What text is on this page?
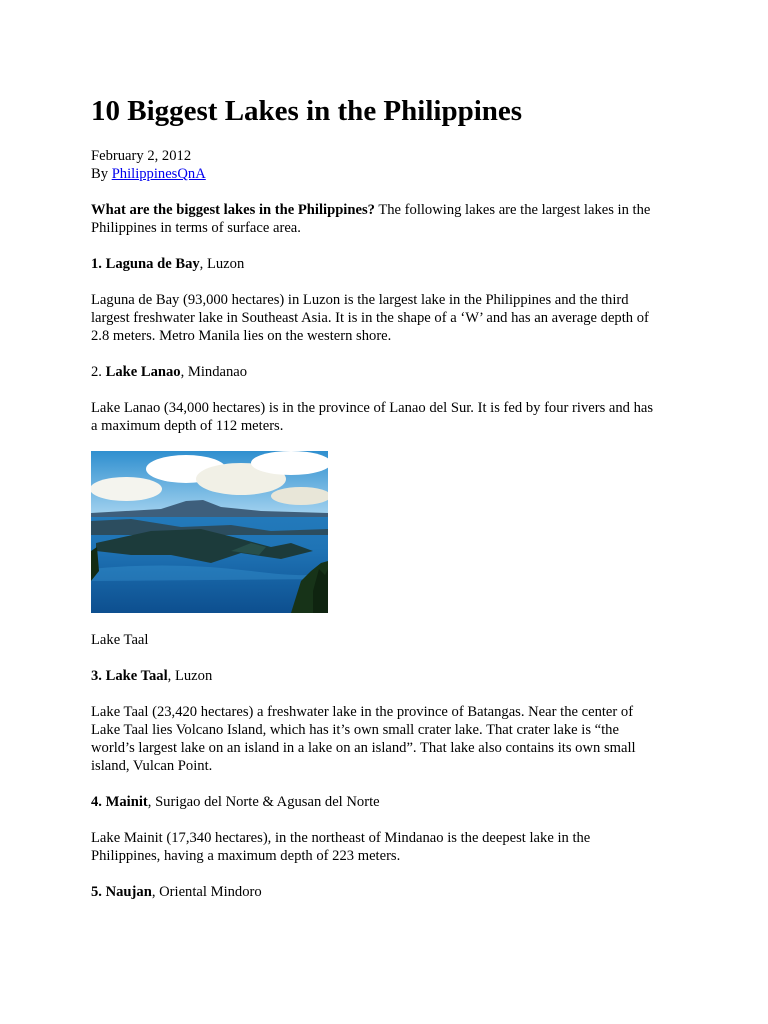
10 Biggest Lakes in the Philippines
February 2, 2012
By PhilippinesQnA
What are the biggest lakes in the Philippines? The following lakes are the largest lakes in the
Philippines in terms of surface area.
1. Laguna de Bay, Luzon
Laguna de Bay (93,000 hectares) in Luzon is the largest lake in the Philippines and the third
largest freshwater lake in Southeast Asia. It is in the shape of a ‘W’ and has an average depth of
2.8 meters. Metro Manila lies on the western shore.
2. Lake Lanao, Mindanao
Lake Lanao (34,000 hectares) is in the province of Lanao del Sur. It is fed by four rivers and has
a maximum depth of 112 meters.
Lake Taal
3. Lake Taal, Luzon
Lake Taal (23,420 hectares) a freshwater lake in the province of Batangas. Near the center of
Lake Taal lies Volcano Island, which has it’s own small crater lake. That crater lake is “the
world’s largest lake on an island in a lake on an island”. That lake also contains its own small
island, Vulcan Point.
4. Mainit, Surigao del Norte & Agusan del Norte
Lake Mainit (17,340 hectares), in the northeast of Mindanao is the deepest lake in the
Philippines, having a maximum depth of 223 meters.
5. Naujan, Oriental Mindoro
